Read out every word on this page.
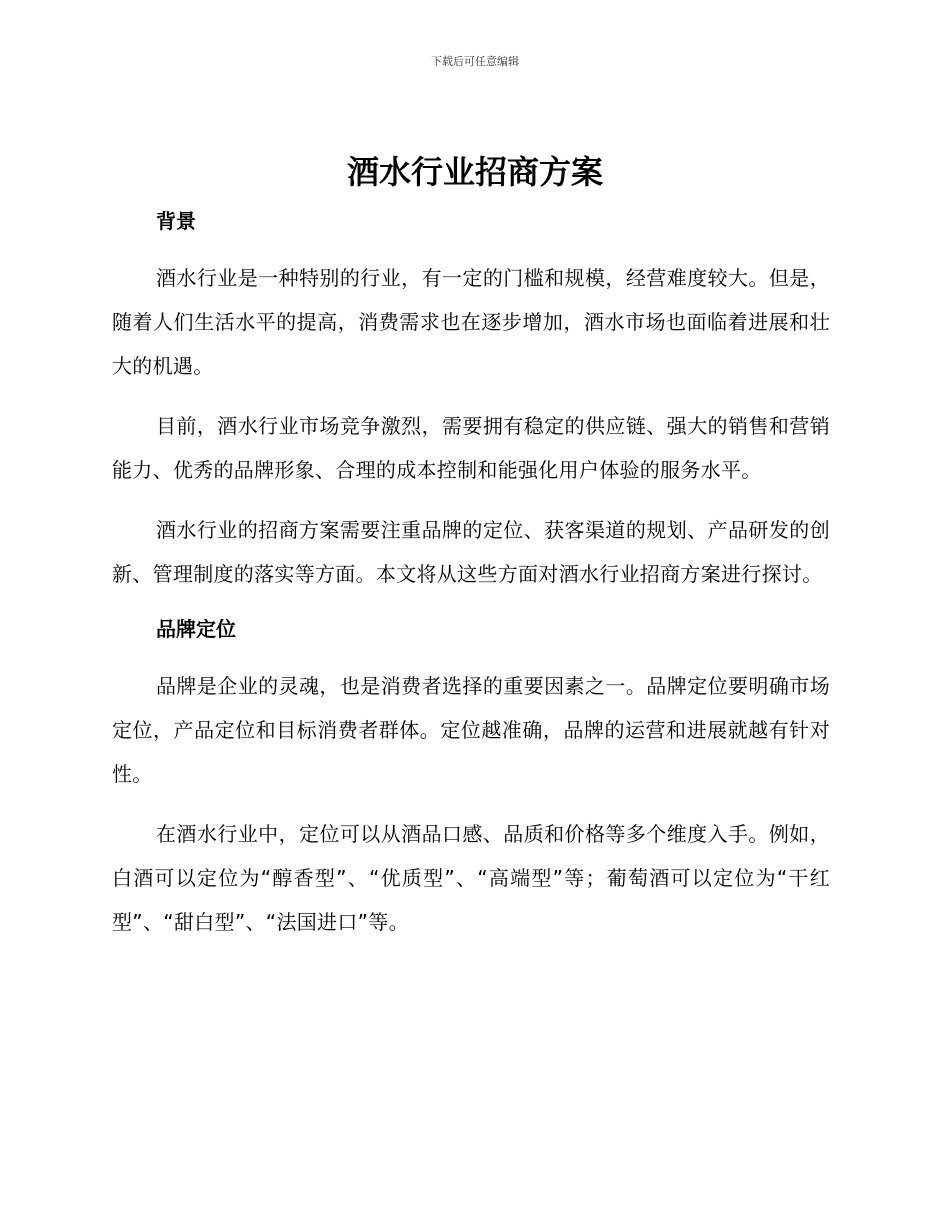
下载后可任意编辑
酒水行业招商方案
背景

酒水行业是一种特别的行业，有一定的门槛和规模，经营难度较大。但是，随着人们生活水平的提高，消费需求也在逐步增加，酒水市场也面临着进展和壮大的机遇。

目前，酒水行业市场竞争激烈，需要拥有稳定的供应链、强大的销售和营销能力、优秀的品牌形象、合理的成本控制和能强化用户体验的服务水平。

酒水行业的招商方案需要注重品牌的定位、获客渠道的规划、产品研发的创新、管理制度的落实等方面。本文将从这些方面对酒水行业招商方案进行探讨。

品牌定位

品牌是企业的灵魂，也是消费者选择的重要因素之一。品牌定位要明确市场定位，产品定位和目标消费者群体。定位越准确，品牌的运营和进展就越有针对性。

在酒水行业中，定位可以从酒品口感、品质和价格等多个维度入手。例如，白酒可以定位为“醇香型”、“优质型”、“高端型”等；葡萄酒可以定位为“干红型”、“甜白型”、“法国进口”等。
